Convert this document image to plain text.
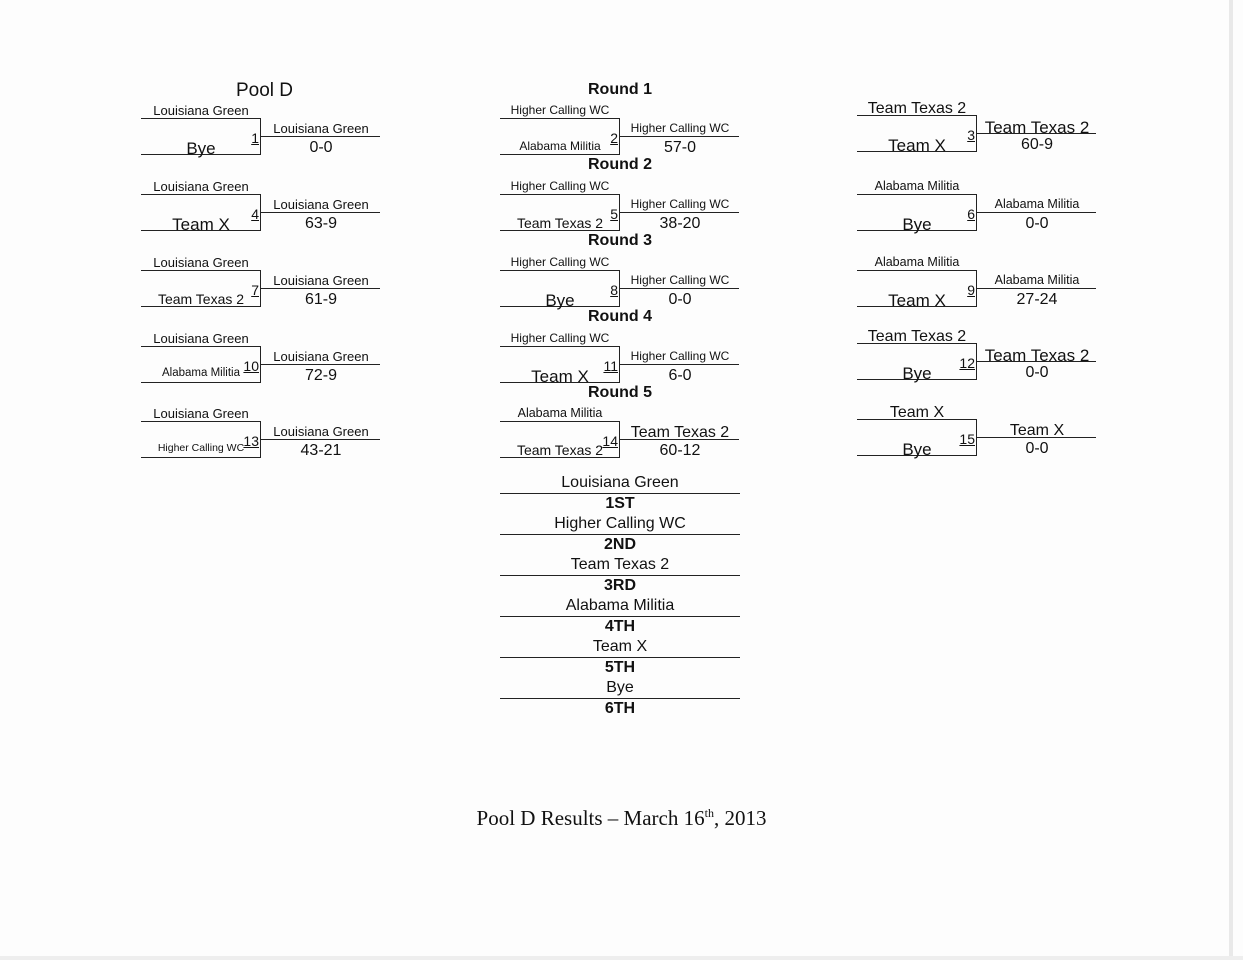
Pool D	Round 1
Round 2
Round 3
Round 4
Round 5
Louisiana Green
Bye
Louisiana Green
0-0
1
Higher Calling WC
Alabama Militia
Higher Calling WC
57-0
2
Team Texas 2
Team X
Team Texas 2
60-9
3
Louisiana Green
Team X
Louisiana Green
63-9
4
Higher Calling WC
Team Texas 2
Higher Calling WC
38-20
5
Alabama Militia
Bye
Alabama Militia
0-0
6
Louisiana Green
Team Texas 2
Louisiana Green
61-9
7
Higher Calling WC
Bye
Higher Calling WC
0-0
8
Alabama Militia
Team X
Alabama Militia
27-24
9
Louisiana Green
Alabama Militia
Louisiana Green
72-9
10
Higher Calling WC
Team X
Higher Calling WC
6-0
11
Team Texas 2
Bye
Team Texas 2
0-0
12
Louisiana Green
Higher Calling WC
Louisiana Green
43-21
13
Alabama Militia
Team Texas 2
Team Texas 2
60-12
14
Team X
Bye
Team X
0-0
15
Louisiana Green
1ST
Higher Calling WC
2ND
Team Texas 2
3RD
Alabama Militia
4TH
Team X
5TH
Bye
6TH
Pool D Results – March 16th, 2013
